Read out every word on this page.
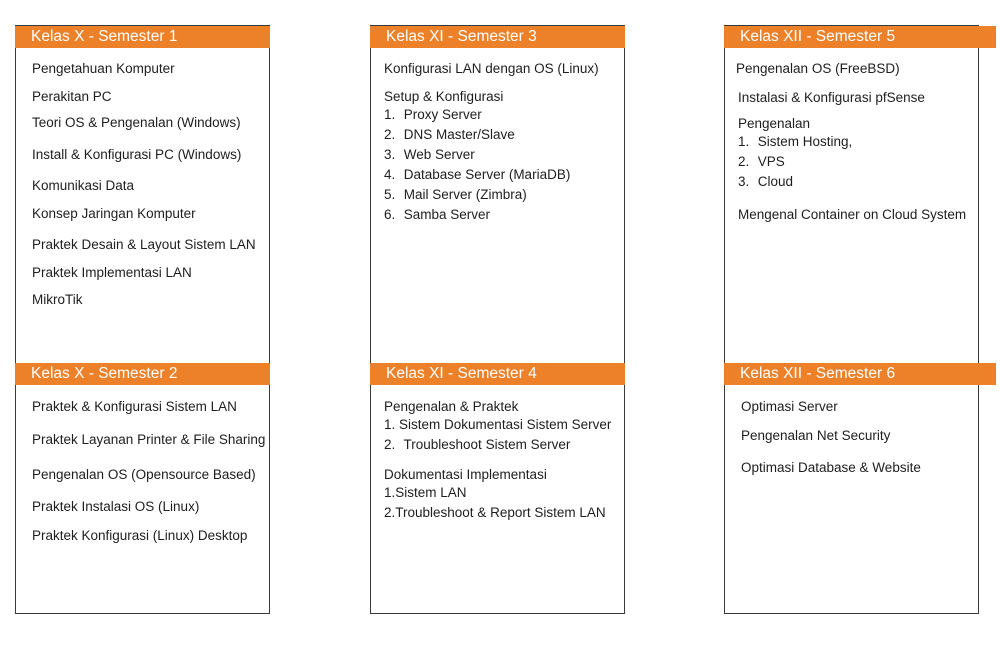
Kelas X - Semester 1
Pengetahuan Komputer
Perakitan PC
Teori OS & Pengenalan (Windows)
Install & Konfigurasi PC (Windows)
Komunikasi Data
Konsep Jaringan Komputer
Praktek Desain & Layout Sistem LAN
Praktek Implementasi LAN
MikroTik
Kelas X - Semester 2
Praktek & Konfigurasi Sistem LAN
Praktek Layanan Printer & File Sharing
Pengenalan OS (Opensource Based)
Praktek Instalasi OS (Linux)
Praktek Konfigurasi (Linux) Desktop
Kelas XI - Semester 3
Konfigurasi LAN dengan OS (Linux)
Setup & Konfigurasi
1. Proxy Server
2. DNS Master/Slave
3. Web Server
4. Database Server (MariaDB)
5. Mail Server (Zimbra)
6. Samba Server
Kelas XI - Semester 4
Pengenalan & Praktek
1. Sistem Dokumentasi Sistem Server
2. Troubleshoot Sistem Server
Dokumentasi Implementasi
1.Sistem LAN
2.Troubleshoot & Report Sistem LAN
Kelas XII - Semester 5
Pengenalan OS (FreeBSD)
Instalasi & Konfigurasi pfSense
Pengenalan
1. Sistem Hosting,
2. VPS
3. Cloud
Mengenal Container on Cloud System
Kelas XII - Semester 6
Optimasi Server
Pengenalan Net Security
Optimasi Database & Website
